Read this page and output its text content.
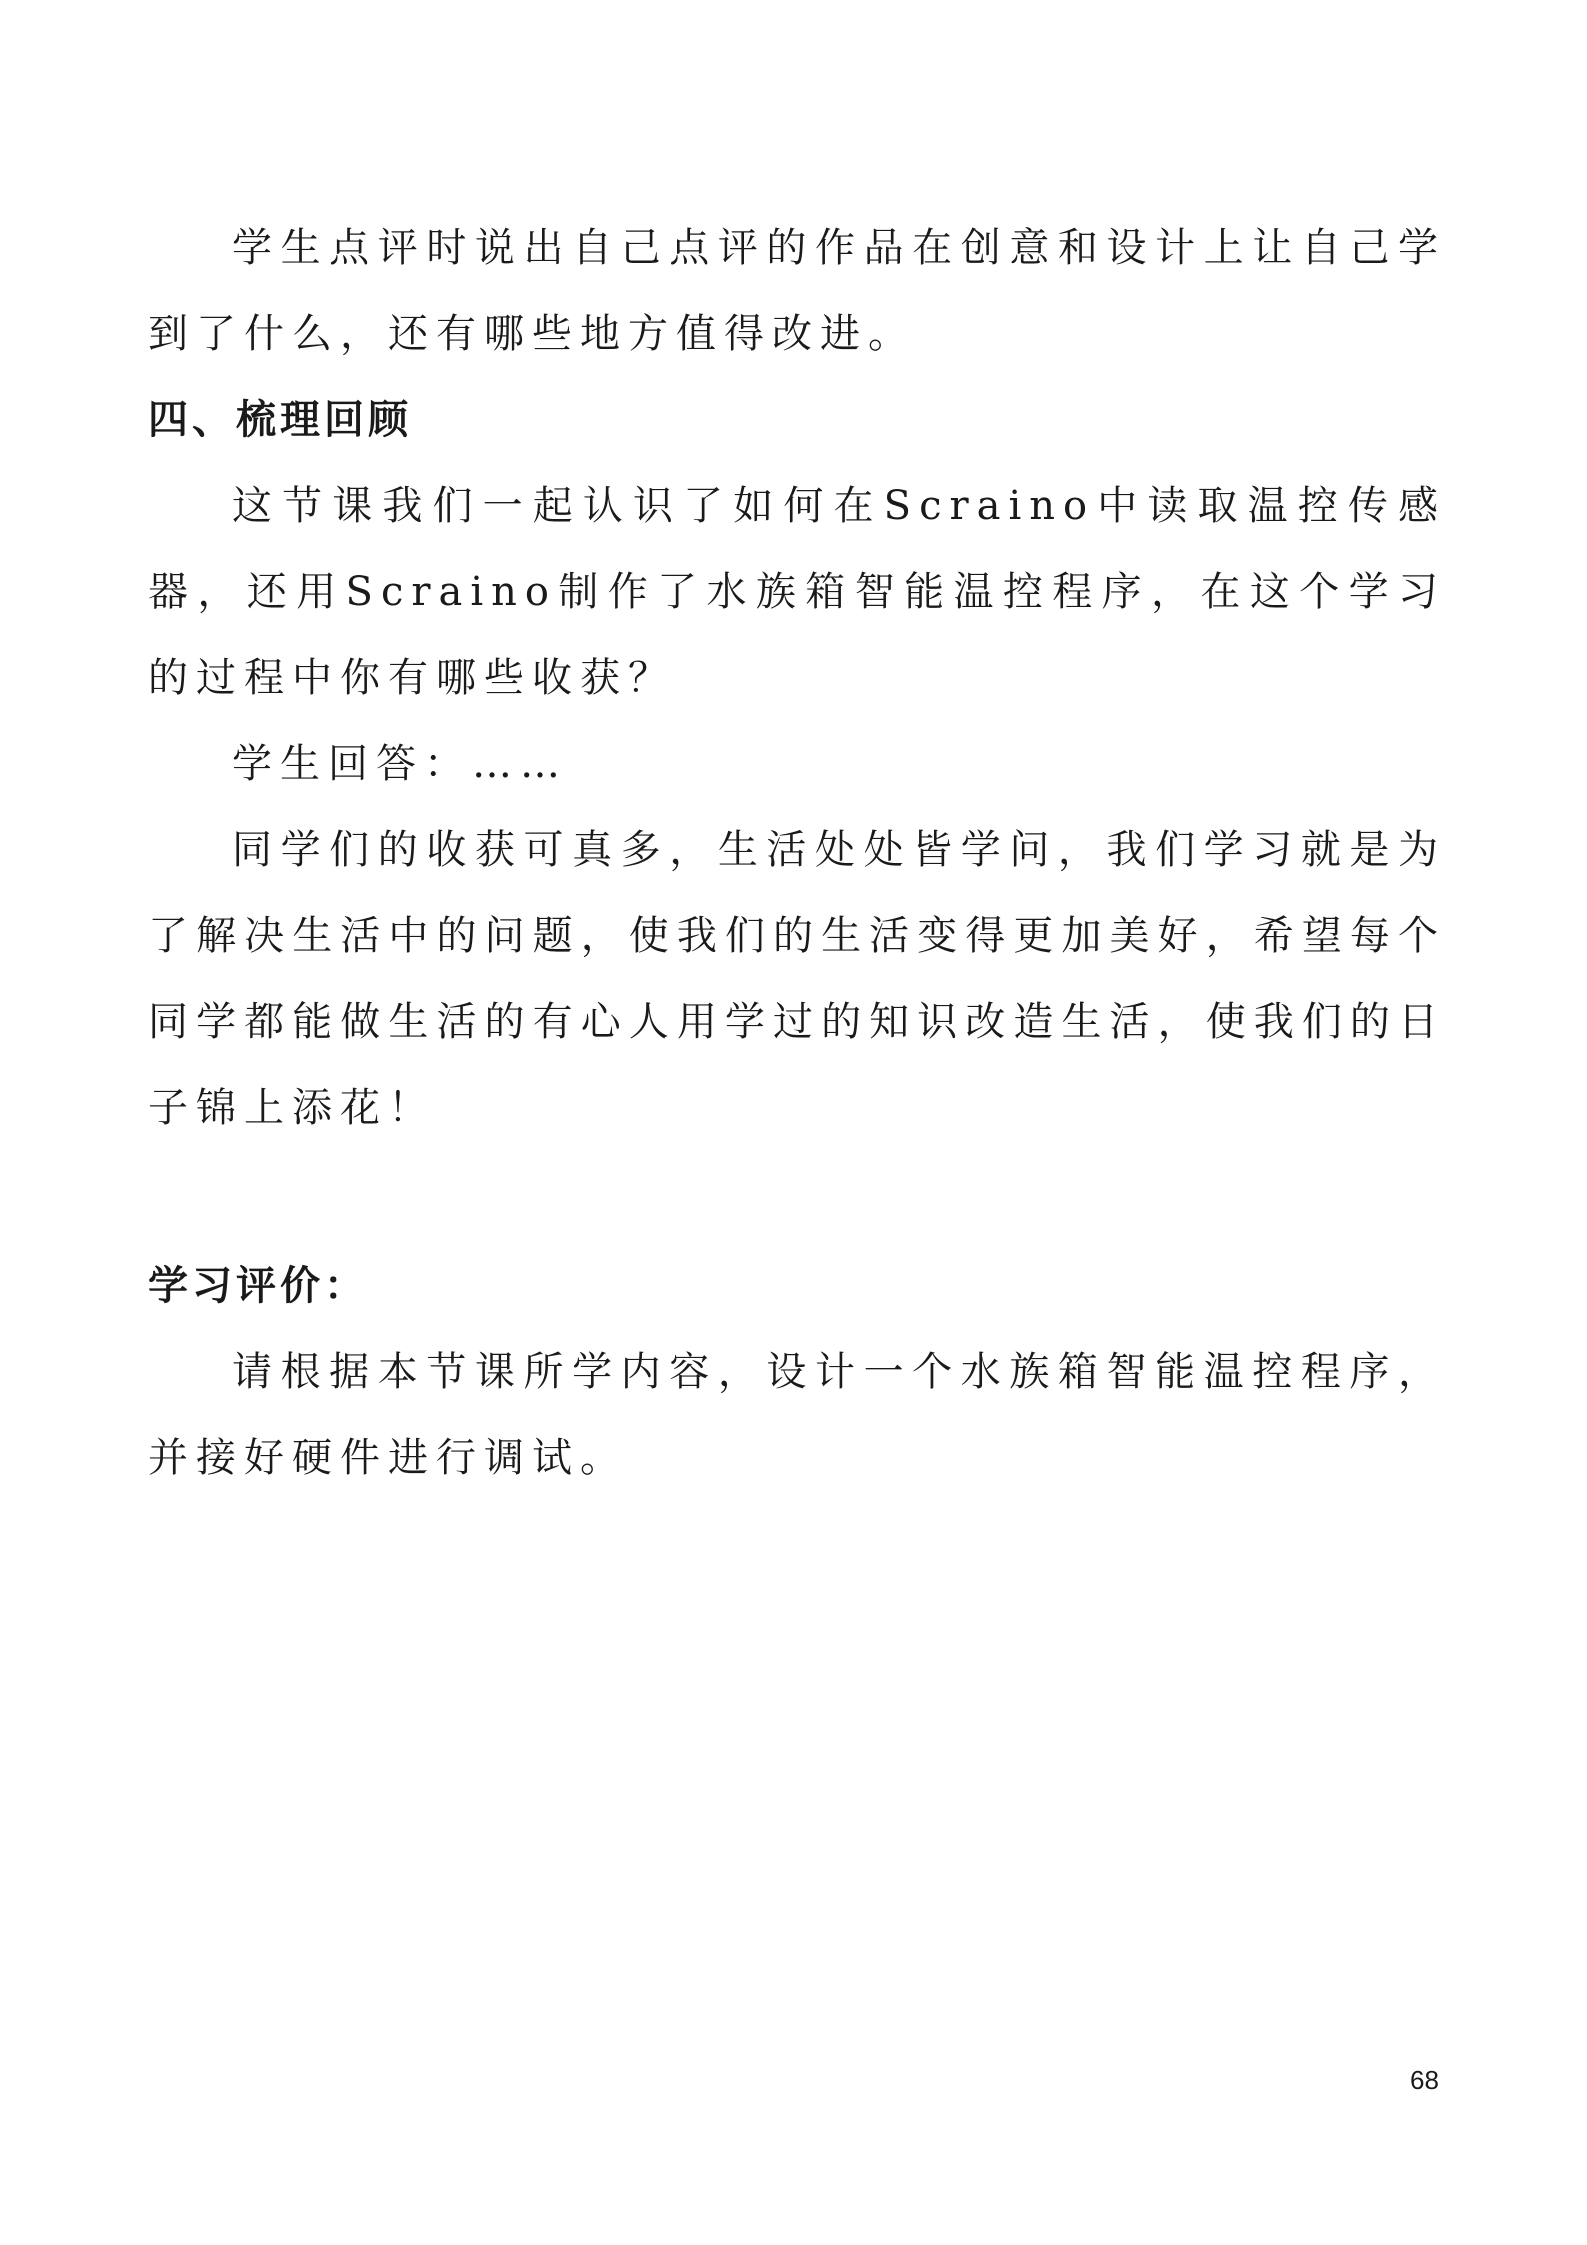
学生点评时说出自己点评的作品在创意和设计上让自己学到了什么，还有哪些地方值得改进。

四、梳理回顾

这节课我们一起认识了如何在Scraino中读取温控传感器，还用Scraino制作了水族箱智能温控程序，在这个学习的过程中你有哪些收获？

学生回答：……

同学们的收获可真多，生活处处皆学问，我们学习就是为了解决生活中的问题，使我们的生活变得更加美好，希望每个同学都能做生活的有心人用学过的知识改造生活，使我们的日子锦上添花！

学习评价：

请根据本节课所学内容，设计一个水族箱智能温控程序，并接好硬件进行调试。

68
